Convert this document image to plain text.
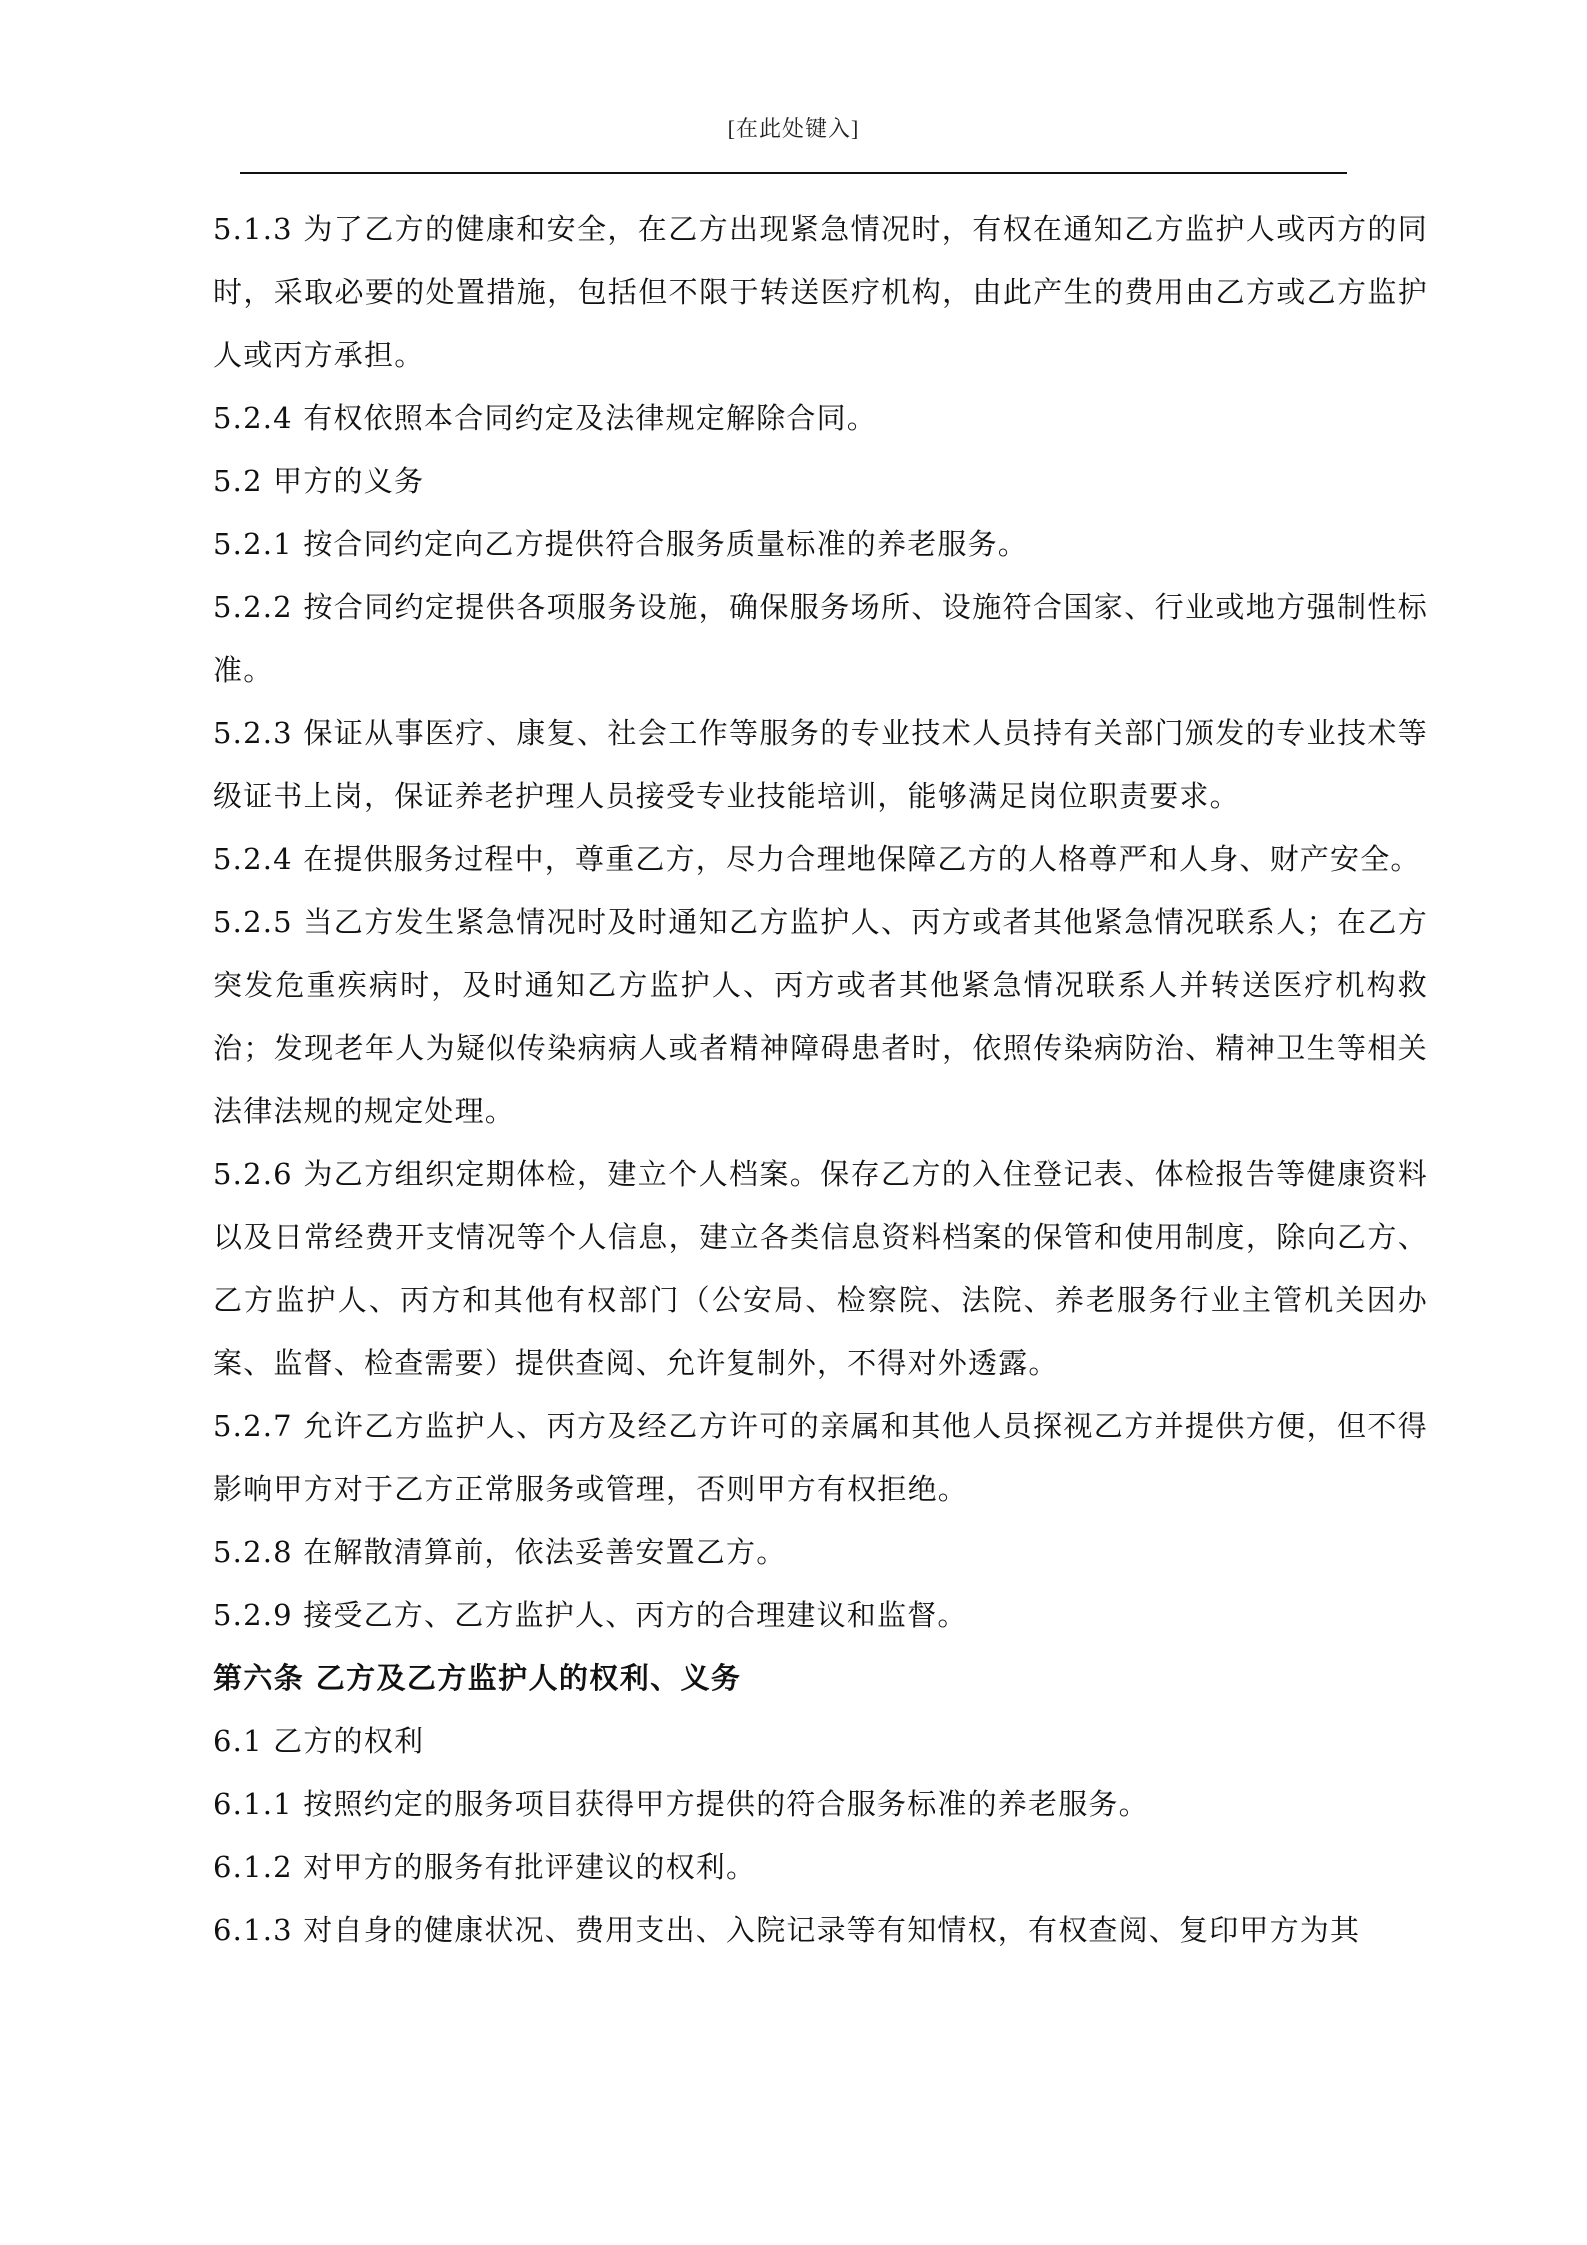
[在此处键入]

5.1.3 为了乙方的健康和安全，在乙方出现紧急情况时，有权在通知乙方监护人或丙方的同时，采取必要的处置措施，包括但不限于转送医疗机构，由此产生的费用由乙方或乙方监护人或丙方承担。

5.2.4 有权依照本合同约定及法律规定解除合同。

5.2 甲方的义务

5.2.1 按合同约定向乙方提供符合服务质量标准的养老服务。

5.2.2 按合同约定提供各项服务设施，确保服务场所、设施符合国家、行业或地方强制性标准。

5.2.3 保证从事医疗、康复、社会工作等服务的专业技术人员持有关部门颁发的专业技术等级证书上岗，保证养老护理人员接受专业技能培训，能够满足岗位职责要求。

5.2.4 在提供服务过程中，尊重乙方，尽力合理地保障乙方的人格尊严和人身、财产安全。

5.2.5 当乙方发生紧急情况时及时通知乙方监护人、丙方或者其他紧急情况联系人；在乙方突发危重疾病时，及时通知乙方监护人、丙方或者其他紧急情况联系人并转送医疗机构救治；发现老年人为疑似传染病病人或者精神障碍患者时，依照传染病防治、精神卫生等相关法律法规的规定处理。

5.2.6 为乙方组织定期体检，建立个人档案。保存乙方的入住登记表、体检报告等健康资料以及日常经费开支情况等个人信息，建立各类信息资料档案的保管和使用制度，除向乙方、乙方监护人、丙方和其他有权部门（公安局、检察院、法院、养老服务行业主管机关因办案、监督、检查需要）提供查阅、允许复制外，不得对外透露。

5.2.7 允许乙方监护人、丙方及经乙方许可的亲属和其他人员探视乙方并提供方便，但不得影响甲方对于乙方正常服务或管理，否则甲方有权拒绝。

5.2.8 在解散清算前，依法妥善安置乙方。

5.2.9 接受乙方、乙方监护人、丙方的合理建议和监督。

第六条 乙方及乙方监护人的权利、义务

6.1 乙方的权利

6.1.1 按照约定的服务项目获得甲方提供的符合服务标准的养老服务。

6.1.2 对甲方的服务有批评建议的权利。

6.1.3 对自身的健康状况、费用支出、入院记录等有知情权，有权查阅、复印甲方为其
